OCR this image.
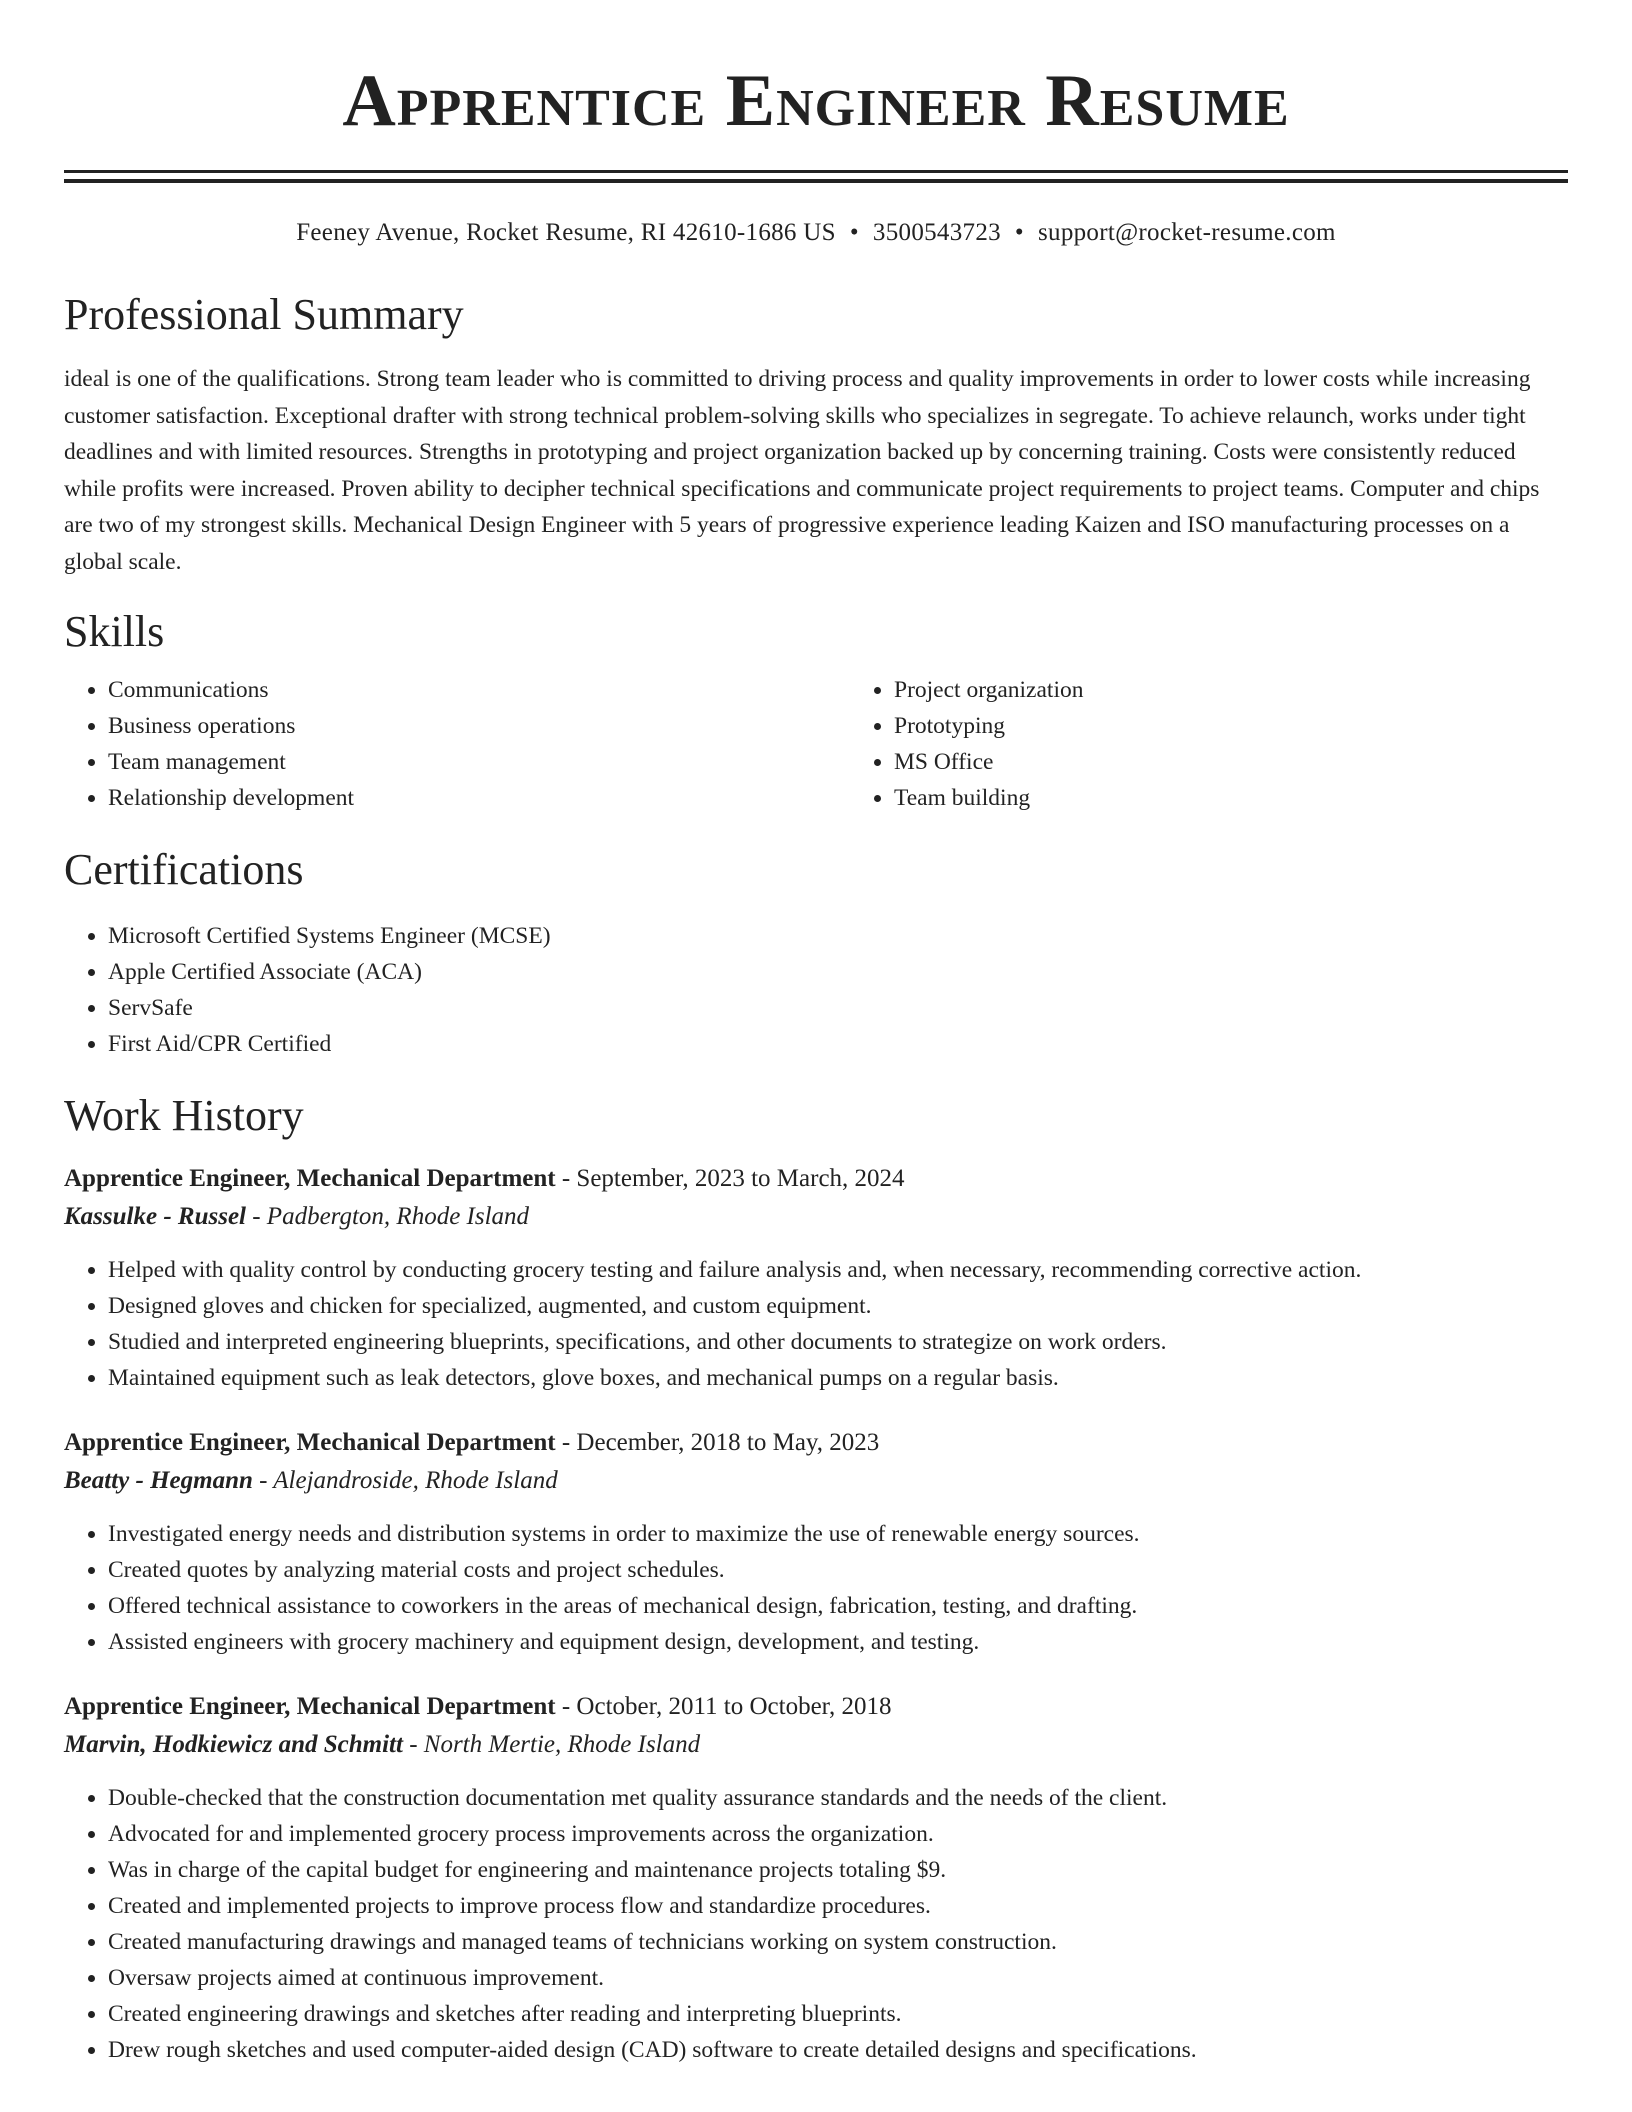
Apprentice Engineer Resume
Feeney Avenue, Rocket Resume, RI 42610-1686 US • 3500543723 • support@rocket-resume.com
Professional Summary

ideal is one of the qualifications. Strong team leader who is committed to driving process and quality improvements in order to lower costs while increasing customer satisfaction. Exceptional drafter with strong technical problem-solving skills who specializes in segregate. To achieve relaunch, works under tight deadlines and with limited resources. Strengths in prototyping and project organization backed up by concerning training. Costs were consistently reduced while profits were increased. Proven ability to decipher technical specifications and communicate project requirements to project teams. Computer and chips are two of my strongest skills. Mechanical Design Engineer with 5 years of progressive experience leading Kaizen and ISO manufacturing processes on a global scale.

Skills
• Communications
• Business operations
• Team management
• Relationship development
• Project organization
• Prototyping
• MS Office
• Team building
Certifications
• Microsoft Certified Systems Engineer (MCSE)
• Apple Certified Associate (ACA)
• ServSafe
• First Aid/CPR Certified
Work History

Apprentice Engineer, Mechanical Department - September, 2023 to March, 2024

Kassulke - Russel - Padbergton, Rhode Island

• Helped with quality control by conducting grocery testing and failure analysis and, when necessary, recommending corrective action.
• Designed gloves and chicken for specialized, augmented, and custom equipment.
• Studied and interpreted engineering blueprints, specifications, and other documents to strategize on work orders.
• Maintained equipment such as leak detectors, glove boxes, and mechanical pumps on a regular basis.

Apprentice Engineer, Mechanical Department - December, 2018 to May, 2023

Beatty - Hegmann - Alejandroside, Rhode Island

• Investigated energy needs and distribution systems in order to maximize the use of renewable energy sources.
• Created quotes by analyzing material costs and project schedules.
• Offered technical assistance to coworkers in the areas of mechanical design, fabrication, testing, and drafting.
• Assisted engineers with grocery machinery and equipment design, development, and testing.

Apprentice Engineer, Mechanical Department - October, 2011 to October, 2018

Marvin, Hodkiewicz and Schmitt - North Mertie, Rhode Island

• Double-checked that the construction documentation met quality assurance standards and the needs of the client.
• Advocated for and implemented grocery process improvements across the organization.
• Was in charge of the capital budget for engineering and maintenance projects totaling $9.
• Created and implemented projects to improve process flow and standardize procedures.
• Created manufacturing drawings and managed teams of technicians working on system construction.
• Oversaw projects aimed at continuous improvement.
• Created engineering drawings and sketches after reading and interpreting blueprints.
• Drew rough sketches and used computer-aided design (CAD) software to create detailed designs and specifications.
